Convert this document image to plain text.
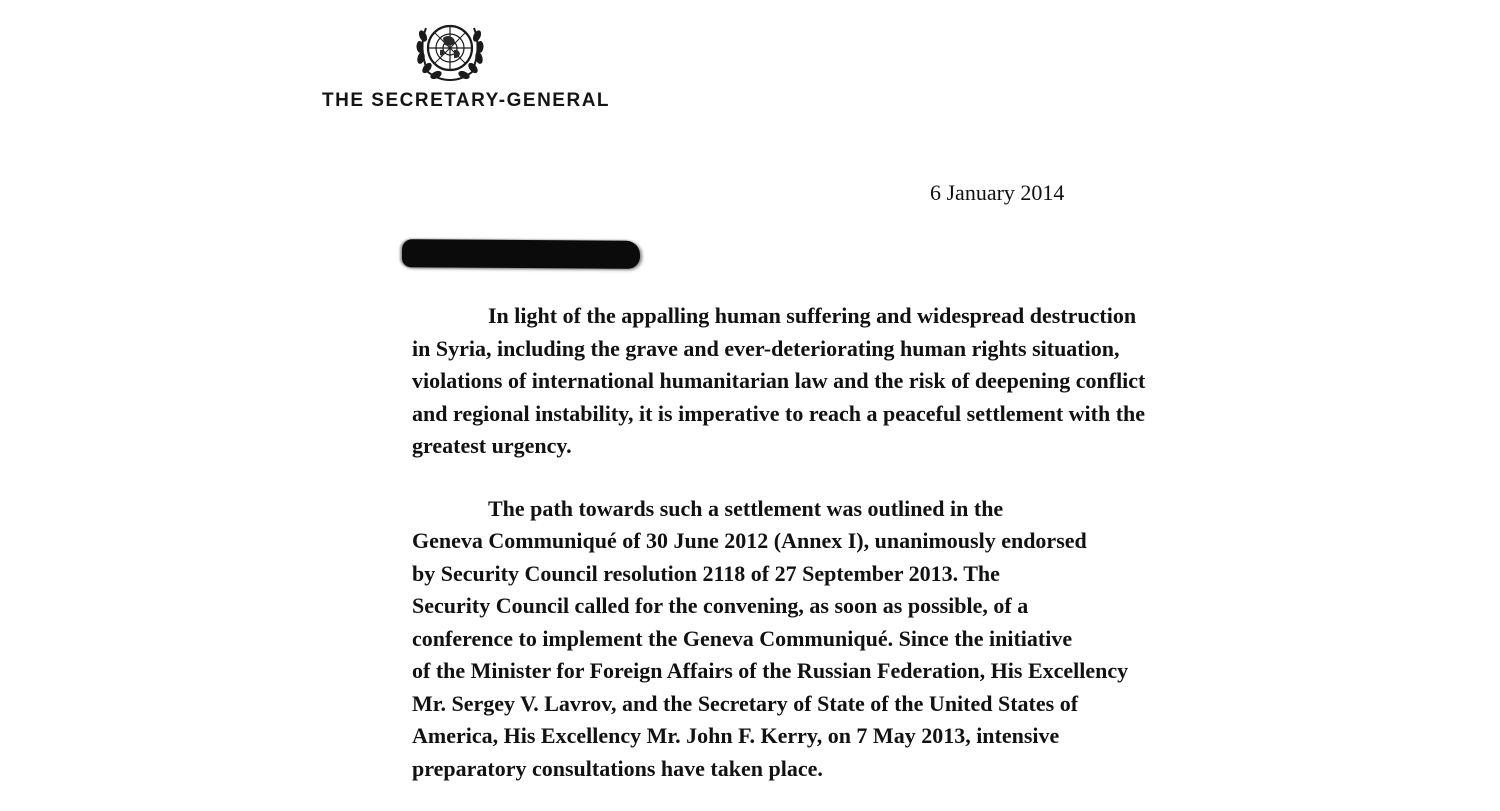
THE SECRETARY-GENERAL
6 January 2014

In light of the appalling human suffering and widespread destruction
in Syria, including the grave and ever-deteriorating human rights situation,
violations of international humanitarian law and the risk of deepening conflict
and regional instability, it is imperative to reach a peaceful settlement with the
greatest urgency.

The path towards such a settlement was outlined in the
Geneva Communiqué of 30 June 2012 (Annex I), unanimously endorsed
by Security Council resolution 2118 of 27 September 2013. The
Security Council called for the convening, as soon as possible, of a
conference to implement the Geneva Communiqué. Since the initiative
of the Minister for Foreign Affairs of the Russian Federation, His Excellency
Mr. Sergey V. Lavrov, and the Secretary of State of the United States of
America, His Excellency Mr. John F. Kerry, on 7 May 2013, intensive
preparatory consultations have taken place.
